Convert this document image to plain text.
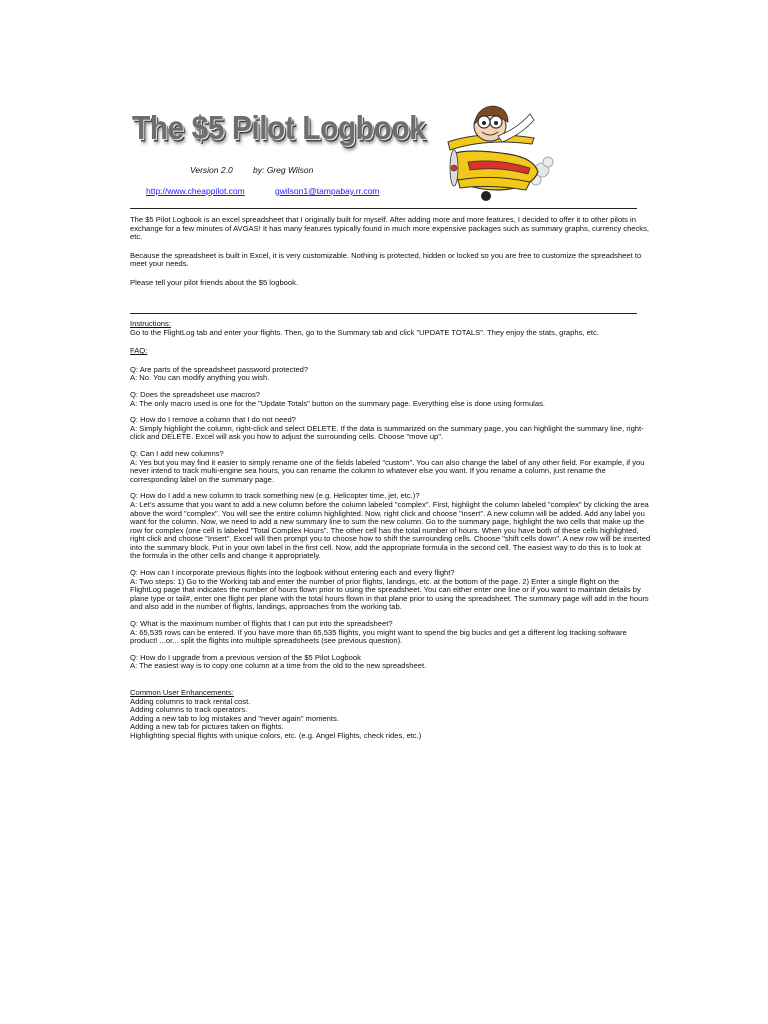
The $5 Pilot Logbook
Version 2.0 by: Greg Wilson
http://www.cheappilot.com	gwilson1@tampabay.rr.com

The $5 Pilot Logbook is an excel spreadsheet that I originally built for myself. After adding more and more features, I decided to offer it to other pilots in exchange for a few minutes of AVGAS! It has many features typically found in much more expensive packages such as summary graphs, currency checks, etc.

Because the spreadsheet is built in Excel, it is very customizable. Nothing is protected, hidden or locked so you are free to customize the spreadsheet to meet your needs.

Please tell your pilot friends about the $5 logbook.

Instructions:

Go to the FlightLog tab and enter your flights. Then, go to the Summary tab and click "UPDATE TOTALS". They enjoy the stats, graphs, etc.

FAQ:

Q: Are parts of the spreadsheet password protected?

A: No. You can modify anything you wish.

Q: Does the spreadsheet use macros?

A: The only macro used is one for the "Update Totals" button on the summary page. Everything else is done using formulas.

Q: How do I remove a column that I do not need?

A: Simply highlight the column, right-click and select DELETE. If the data is summarized on the summary page, you can highlight the summary line, right-click and DELETE. Excel will ask you how to adjust the surrounding cells. Choose "move up".

Q: Can I add new columns?

A: Yes but you may find it easier to simply rename one of the fields labeled "custom". You can also change the label of any other field. For example, if you never intend to track multi-engine sea hours, you can rename the column to whatever else you want. If you rename a column, just rename the corresponding label on the summary page.

Q: How do I add a new column to track something new (e.g. Helicopter time, jet, etc.)?

A: Let's assume that you want to add a new column before the column labeled "complex". First, highlight the column labeled "complex" by clicking the area above the word "complex". You will see the entire column highlighted. Now, right click and choose "insert". A new column will be added. Add any label you want for the column. Now, we need to add a new summary line to sum the new column. Go to the summary page, highlight the two cells that make up the row for complex (one cell is labeled "Total Complex Hours". The other cell has the total number of hours. When you have both of these cells highlighted, right click and choose "Insert". Excel will then prompt you to choose how to shift the surrounding cells. Choose "shift cells down". A new row will be inserted into the summary block. Put in your own label in the first cell. Now, add the appropriate formula in the second cell. The easiest way to do this is to look at the formula in the other cells and change it appropriately.

Q: How can I incorporate previous flights into the logbook without entering each and every flight?

A: Two steps: 1) Go to the Working tab and enter the number of prior flights, landings, etc. at the bottom of the page. 2) Enter a single flight on the FlightLog page that indicates the number of hours flown prior to using the spreadsheet. You can either enter one line or if you want to maintain details by plane type or tail#, enter one flight per plane with the total hours flown in that plane prior to using the spreadsheet. The summary page will add in the hours and also add in the number of flights, landings, approaches from the working tab.

Q: What is the maximum number of flights that I can put into the spreadsheet?

A: 65,535 rows can be entered. If you have more than 65,535 flights, you might want to spend the big bucks and get a different log tracking software product! ...or... split the flights into multiple spreadsheets (see previous question).

Q: How do I upgrade from a previous version of the $5 Pilot Logbook

A: The easiest way is to copy one column at a time from the old to the new spreadsheet.

Common User Enhancements:

Adding columns to track rental cost.

Adding columns to track operators.

Adding a new tab to log mistakes and "never again" moments.

Adding a new tab for pictures taken on flights.

Highlighting special flights with unique colors, etc. (e.g. Angel Flights, check rides, etc.)
